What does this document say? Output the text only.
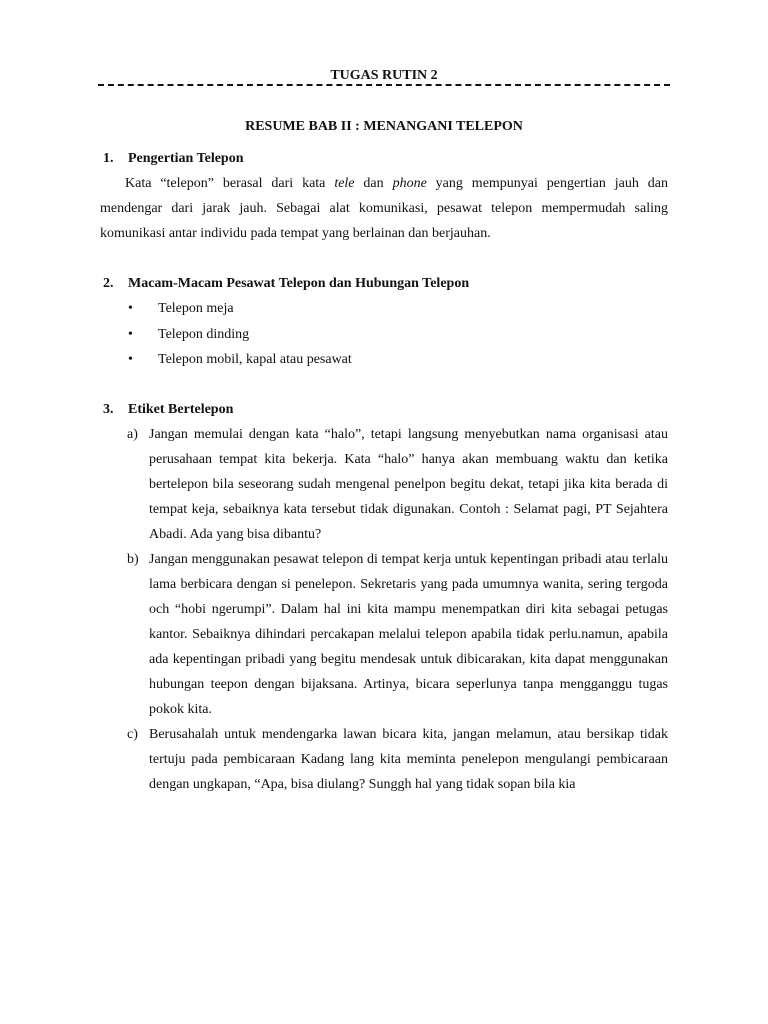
TUGAS RUTIN 2
RESUME BAB II : MENANGANI TELEPON
1. Pengertian Telepon
Kata “telepon” berasal dari kata tele dan phone yang mempunyai pengertian jauh dan mendengar dari jarak jauh. Sebagai alat komunikasi, pesawat telepon mempermudah saling komunikasi antar individu pada tempat yang berlainan dan berjauhan.
2. Macam-Macam Pesawat Telepon dan Hubungan Telepon
• Telepon meja
• Telepon dinding
• Telepon mobil, kapal atau pesawat
3. Etiket Bertelepon
a) Jangan memulai dengan kata “halo”, tetapi langsung menyebutkan nama organisasi atau perusahaan tempat kita bekerja. Kata “halo” hanya akan membuang waktu dan ketika bertelepon bila seseorang sudah mengenal penelpon begitu dekat, tetapi jika kita berada di tempat keja, sebaiknya kata tersebut tidak digunakan. Contoh : Selamat pagi, PT Sejahtera Abadi. Ada yang bisa dibantu?
b) Jangan menggunakan pesawat telepon di tempat kerja untuk kepentingan pribadi atau terlalu lama berbicara dengan si penelepon. Sekretaris yang pada umumnya wanita, sering tergoda och “hobi ngerumpi”. Dalam hal ini kita mampu menempatkan diri kita sebagai petugas kantor. Sebaiknya dihindari percakapan melalui telepon apabila tidak perlu.namun, apabila ada kepentingan pribadi yang begitu mendesak untuk dibicarakan, kita dapat menggunakan hubungan teepon dengan bijaksana. Artinya, bicara seperlunya tanpa mengganggu tugas pokok kita.
c) Berusahalah untuk mendengarka lawan bicara kita, jangan melamun, atau bersikap tidak tertuju pada pembicaraan Kadang lang kita meminta penelepon mengulangi pembicaraan dengan ungkapan, “Apa, bisa diulang? Sunggh hal yang tidak sopan bila kia
